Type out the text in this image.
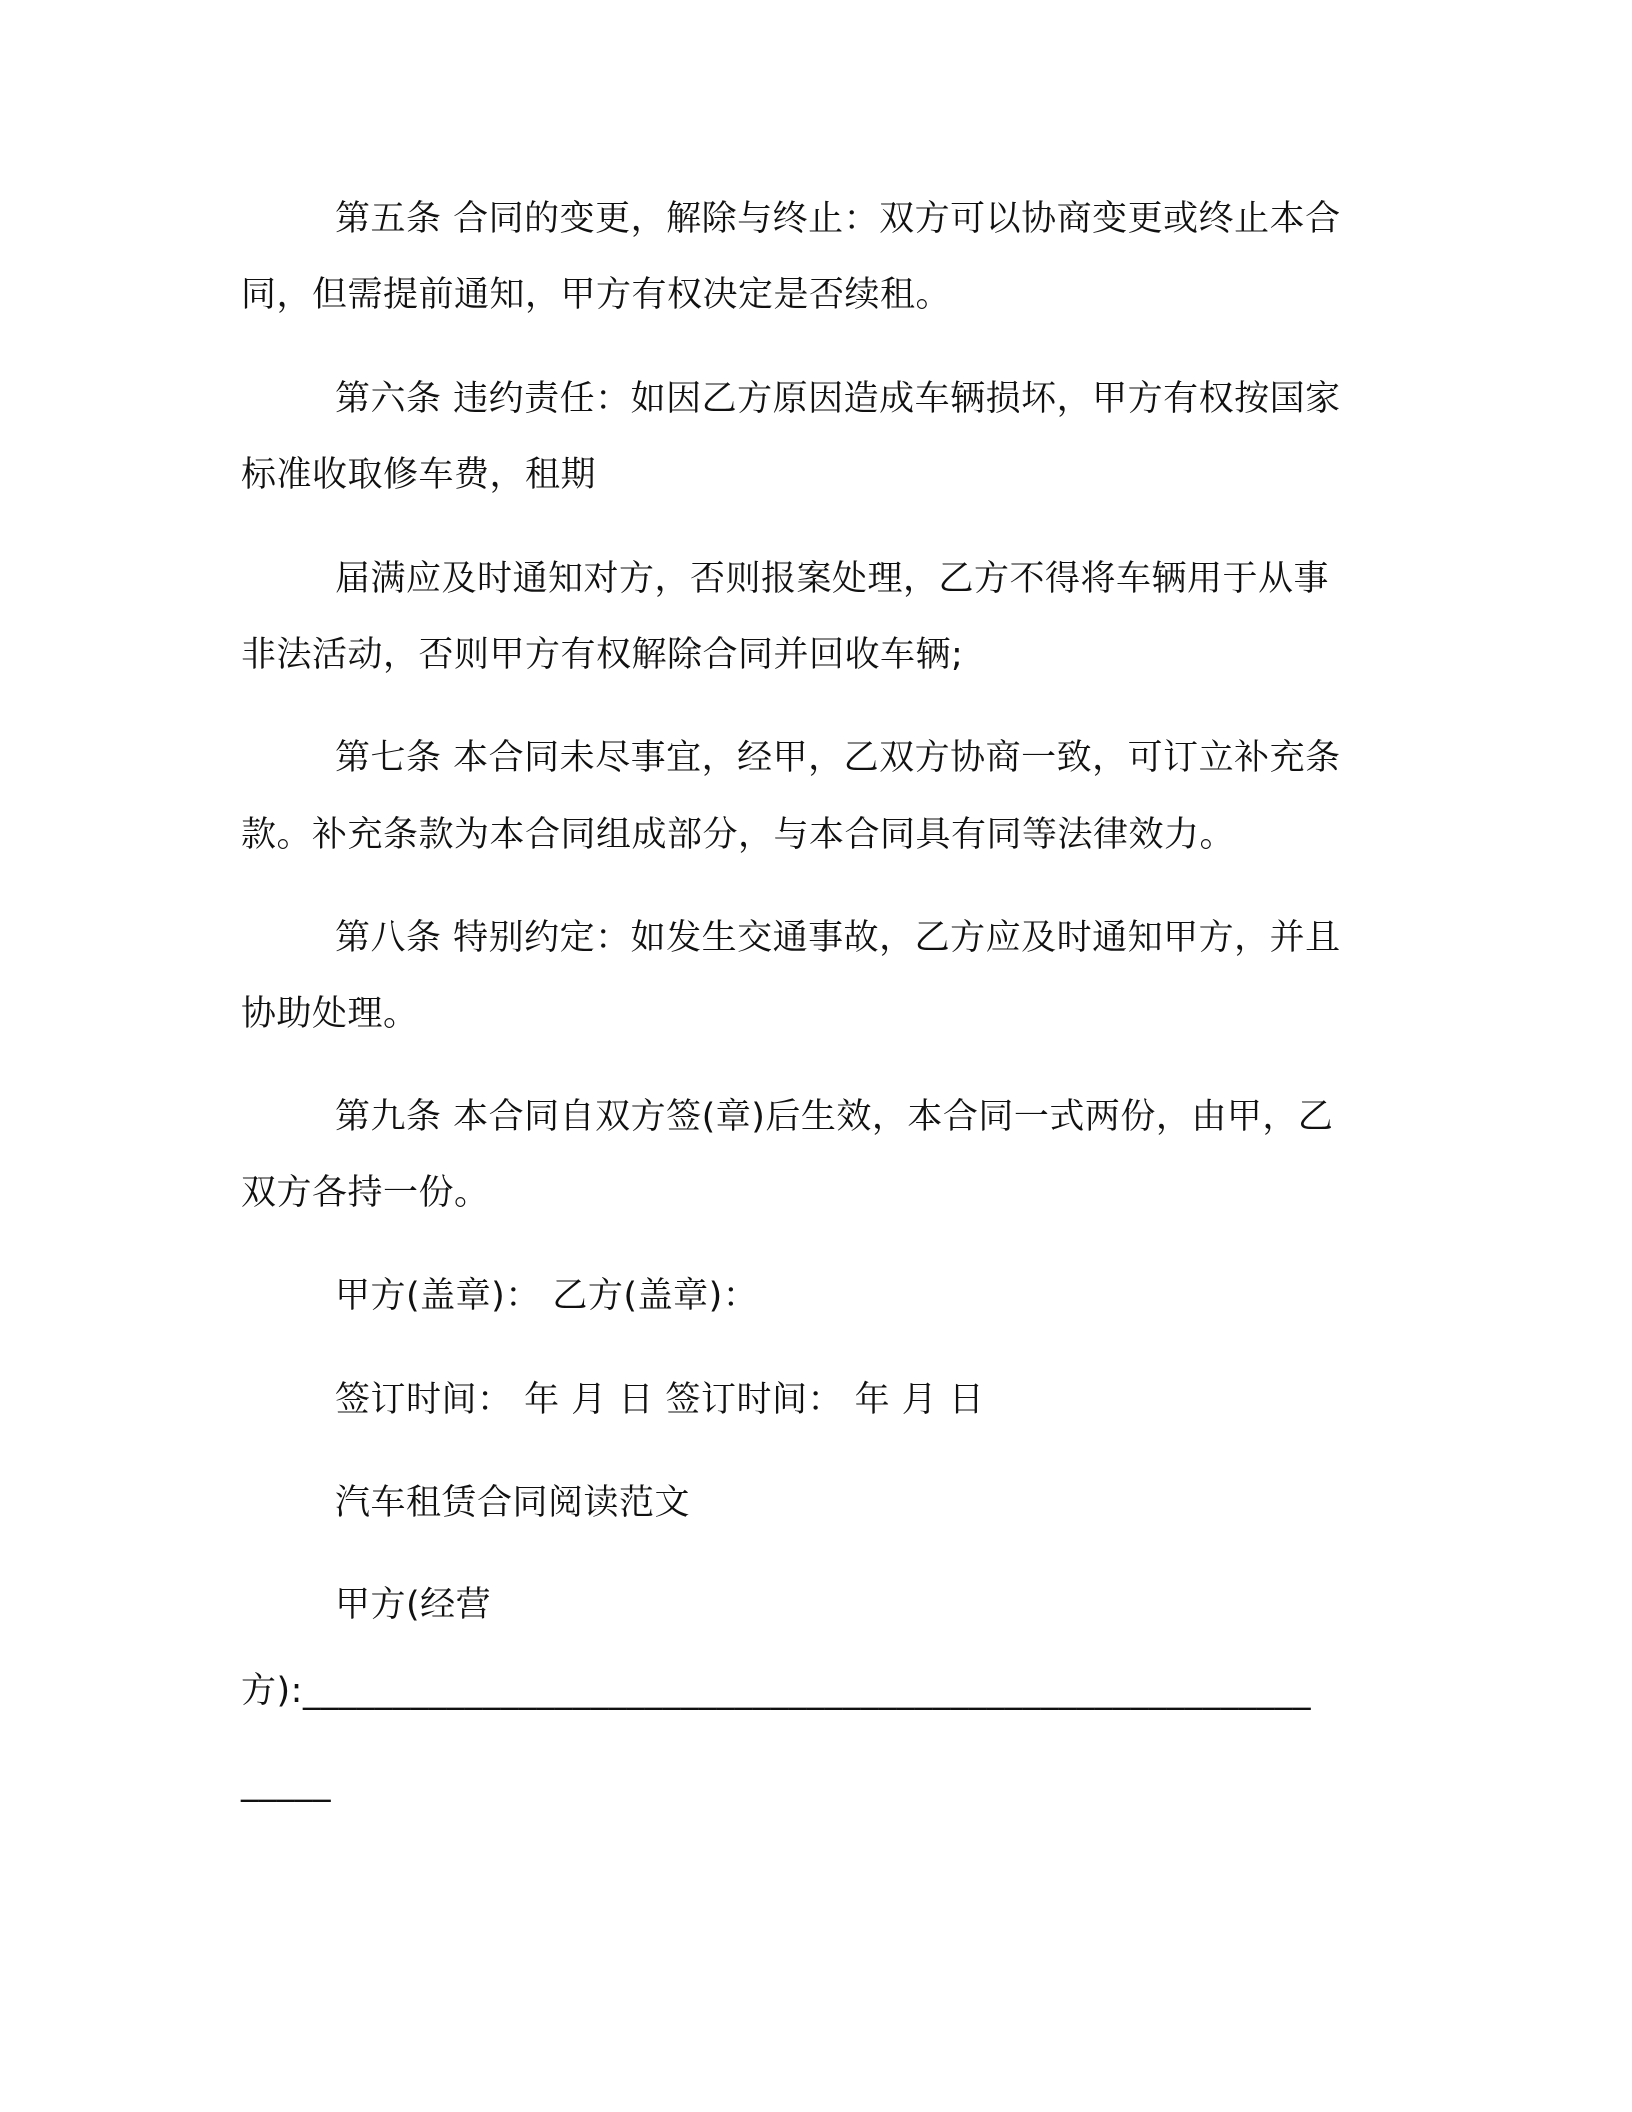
第五条 合同的变更，解除与终止：双方可以协商变更或终止本合
同，但需提前通知，甲方有权决定是否续租。
第六条 违约责任：如因乙方原因造成车辆损坏，甲方有权按国家
标准收取修车费，租期
届满应及时通知对方，否则报案处理，乙方不得将车辆用于从事
非法活动，否则甲方有权解除合同并回收车辆;
第七条 本合同未尽事宜，经甲，乙双方协商一致，可订立补充条
款。补充条款为本合同组成部分，与本合同具有同等法律效力。
第八条 特别约定：如发生交通事故，乙方应及时通知甲方，并且
协助处理。
第九条 本合同自双方签(章)后生效，本合同一式两份，由甲，乙
双方各持一份。
甲方(盖章)： 乙方(盖章)：
签订时间： 年 月 日 签订时间： 年 月 日
汽车租赁合同阅读范文
甲方(经营
方):________________________________________________________
_____
